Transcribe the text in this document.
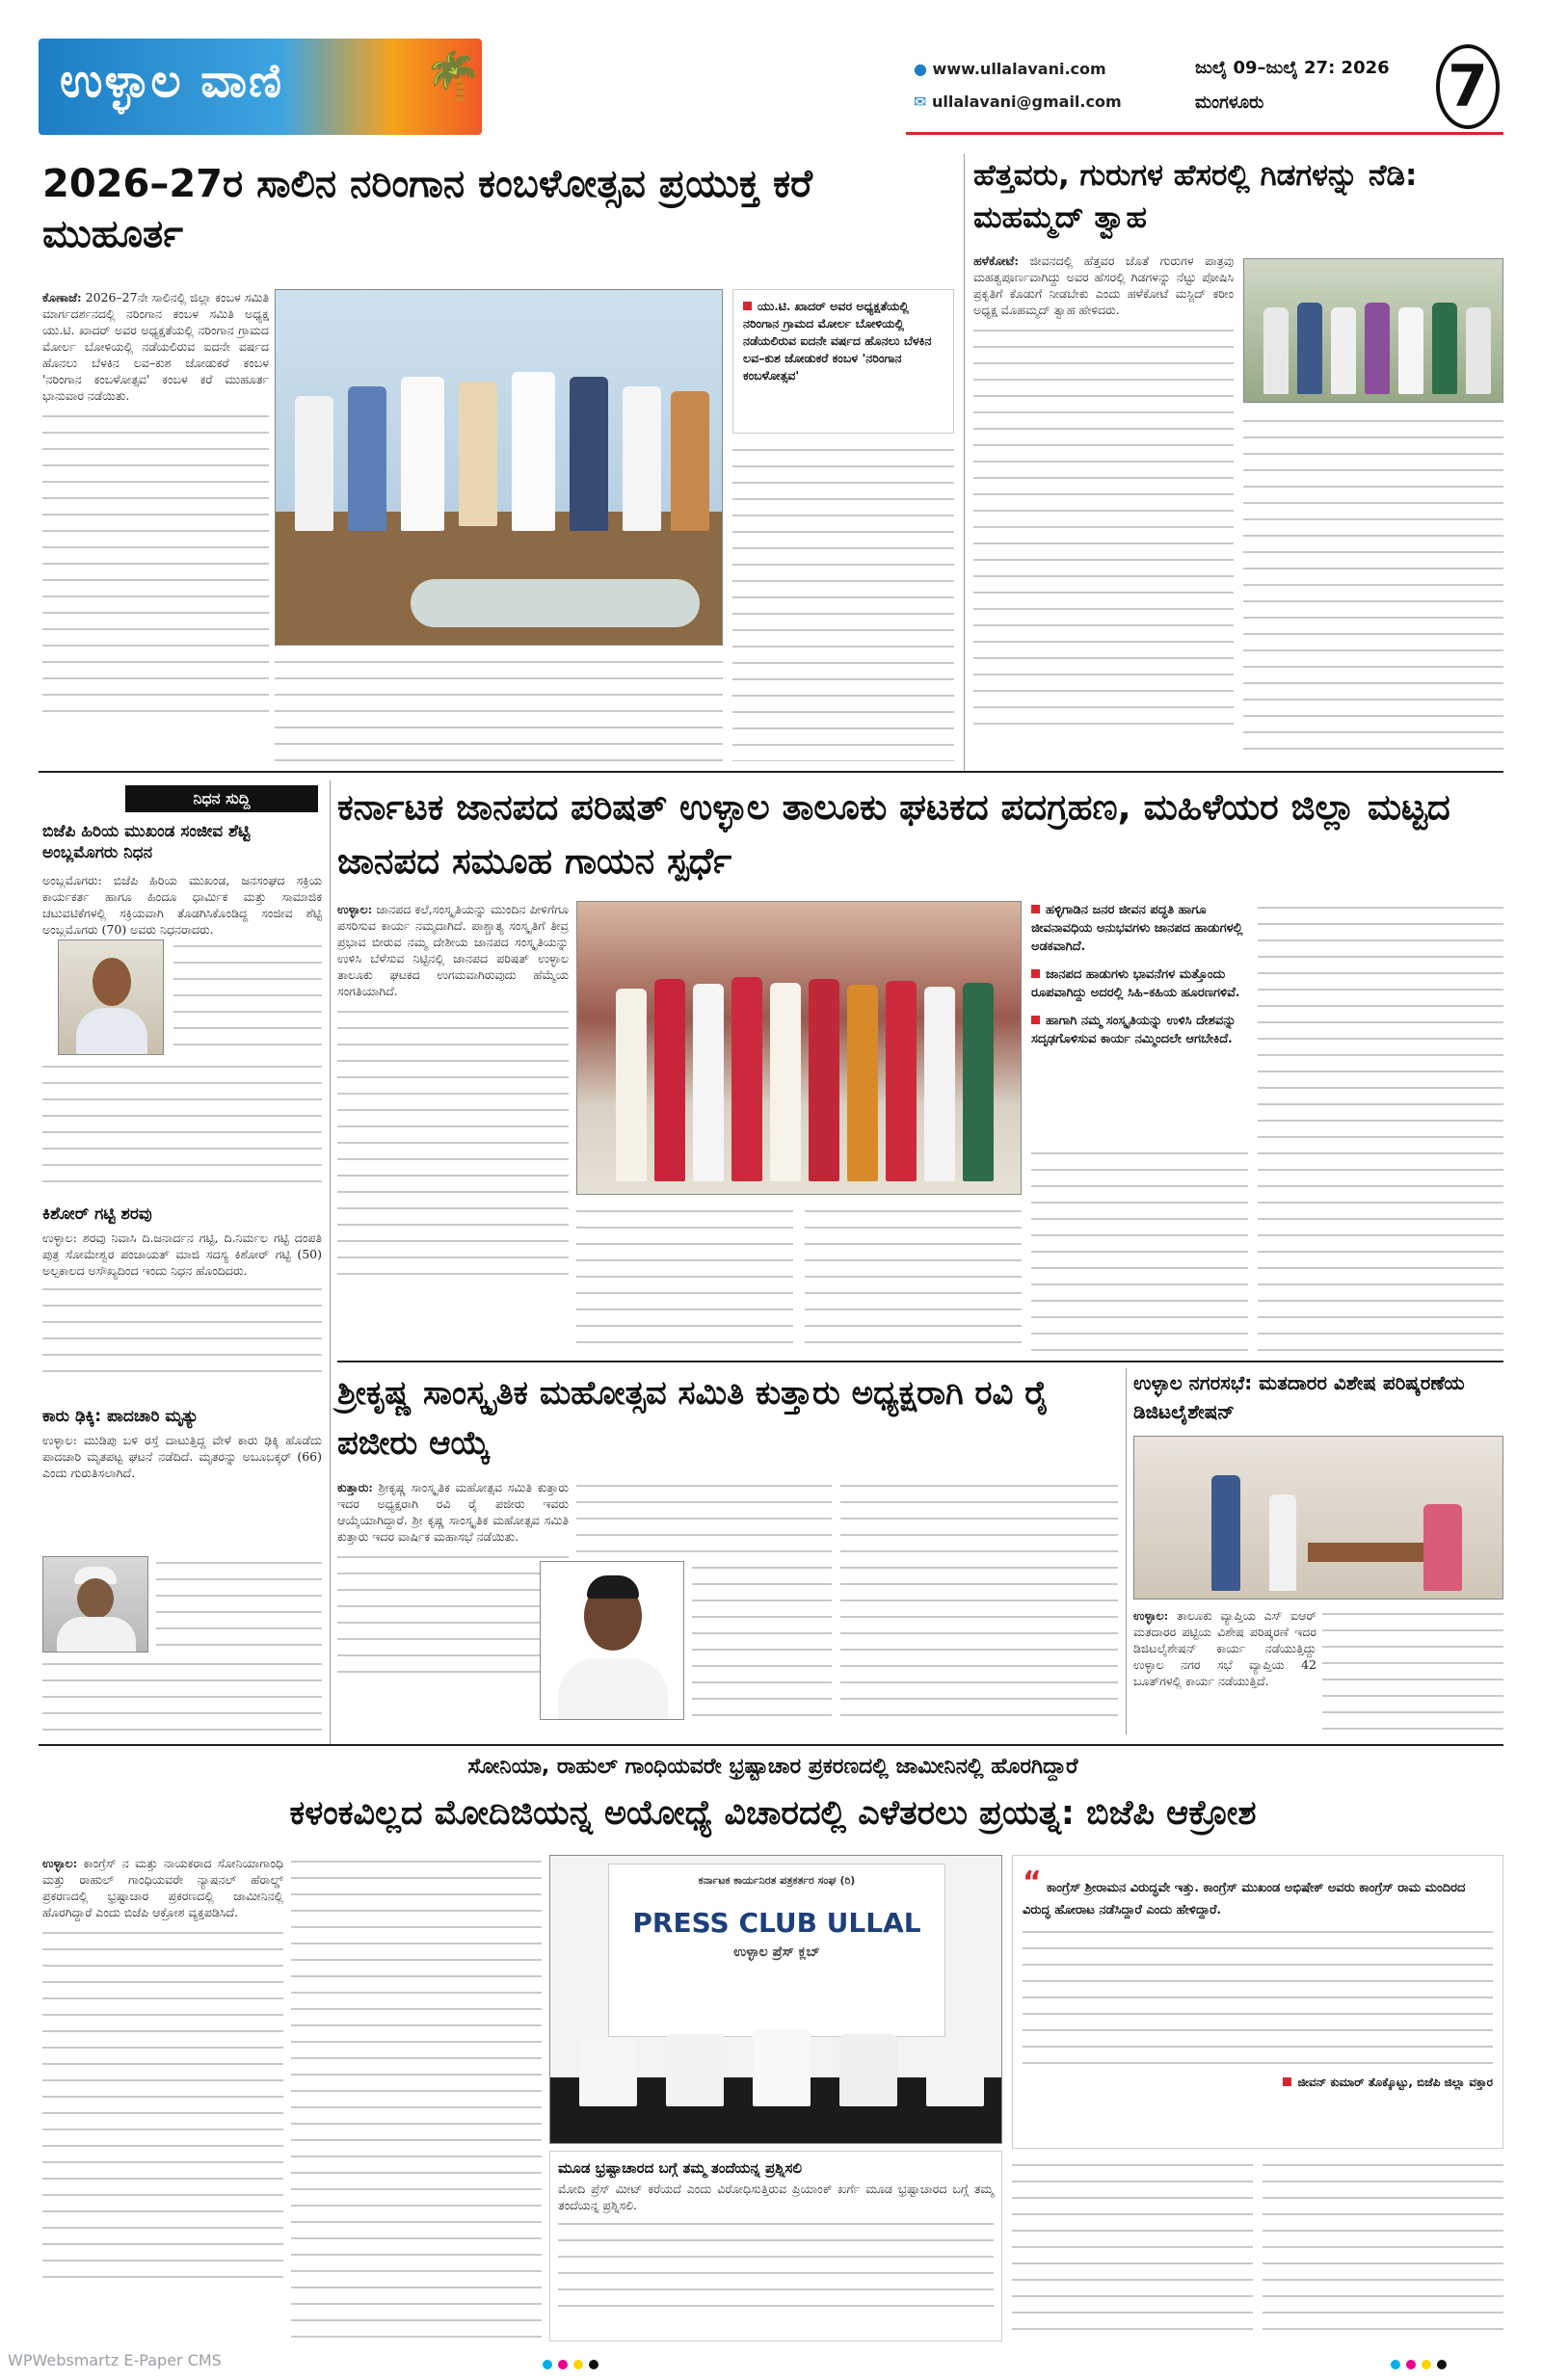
ಉಳ್ಳಾಲ ವಾಣಿ	🌴	● www.ullalavani.com
✉ ullalavani@gmail.com
ಜುಲೈ 09–ಜುಲೈ 27: 2026
ಮಂಗಳೂರು	7
2026–27ರ ಸಾಲಿನ ನರಿಂಗಾನ ಕಂಬಳೋತ್ಸವ ಪ್ರಯುಕ್ತ ಕರೆ ಮುಹೂರ್ತ
ಕೊಣಾಜೆ: 2026–27ನೇ ಸಾಲಿನಲ್ಲಿ ಜಿಲ್ಲಾ ಕಂಬಳ ಸಮಿತಿ ಮಾರ್ಗದರ್ಶನದಲ್ಲಿ ನರಿಂಗಾನ ಕಂಬಳ ಸಮಿತಿ ಅಧ್ಯಕ್ಷ ಯು.ಟಿ. ಖಾದರ್ ಅವರ ಅಧ್ಯಕ್ಷತೆಯಲ್ಲಿ ನರಿಂಗಾನ ಗ್ರಾಮದ ಮೋರ್ಲ ಬೋಳಿಯಲ್ಲಿ ನಡೆಯಲಿರುವ ಐದನೇ ವರ್ಷದ ಹೊನಲು ಬೆಳಕಿನ ಲವ–ಕುಶ ಜೋಡುಕರೆ ಕಂಬಳ 'ನರಿಂಗಾನ ಕಂಬಳೋತ್ಸವ' ಕಂಬಳ ಕರೆ ಮುಹೂರ್ತ ಭಾನುವಾರ ನಡೆಯಿತು.
ಯು.ಟಿ. ಖಾದರ್ ಅವರ ಅಧ್ಯಕ್ಷತೆಯಲ್ಲಿ ನರಿಂಗಾನ ಗ್ರಾಮದ ಮೋರ್ಲ ಬೋಳಿಯಲ್ಲಿ ನಡೆಯಲಿರುವ ಐದನೇ ವರ್ಷದ ಹೊನಲು ಬೆಳಕಿನ ಲವ–ಕುಶ ಜೋಡುಕರೆ ಕಂಬಳ 'ನರಿಂಗಾನ ಕಂಬಳೋತ್ಸವ'
ಹೆತ್ತವರು, ಗುರುಗಳ ಹೆಸರಲ್ಲಿ ಗಿಡಗಳನ್ನು ನೆಡಿ: ಮಹಮ್ಮದ್ ತ್ವಾಹ
ಹಳೆಕೋಟೆ: ಜೀವನದಲ್ಲಿ ಹೆತ್ತವರ ಜೊತೆ ಗುರುಗಳ ಪಾತ್ರವು ಮಹತ್ವಪೂರ್ಣವಾಗಿದ್ದು ಅವರ ಹೆಸರಲ್ಲಿ ಗಿಡಗಳನ್ನು ನೆಟ್ಟು ಪೋಷಿಸಿ ಪ್ರಕೃತಿಗೆ ಕೊಡುಗೆ ನೀಡಬೇಕು ಎಂದು ಹಳೆಕೋಟೆ ಮಸ್ಜಿದ್ ಕರೀಂ ಅಧ್ಯಕ್ಷ ಮೊಹಮ್ಮದ್ ತ್ವಾಹ ಹೇಳಿದರು.
ನಿಧನ ಸುದ್ದಿ
ಬಿಜೆಪಿ ಹಿರಿಯ ಮುಖಂಡ ಸಂಜೀವ ಶೆಟ್ಟಿ ಅಂಬ್ಲಮೊಗರು ನಿಧನ
ಅಂಬ್ಲಮೊಗರು: ಬಿಜೆಪಿ ಹಿರಿಯ ಮುಖಂಡ, ಜನಸಂಘದ ಸಕ್ರಿಯ ಕಾರ್ಯಕರ್ತ ಹಾಗೂ ಹಿಂದೂ ಧಾರ್ಮಿಕ ಮತ್ತು ಸಾಮಾಜಿಕ ಚಟುವಟಿಕೆಗಳಲ್ಲಿ ಸಕ್ರಿಯವಾಗಿ ತೊಡಗಿಸಿಕೊಂಡಿದ್ದ ಸಂಜೀವ ಶೆಟ್ಟಿ ಅಂಬ್ಲಮೊಗರು (70) ಅವರು ನಿಧನರಾದರು.
ಕಿಶೋರ್ ಗಟ್ಟಿ ಶರವು
ಉಳ್ಳಾಲ: ಶರವು ನಿವಾಸಿ ದಿ.ಜನಾರ್ದನ ಗಟ್ಟಿ, ದಿ.ನಿರ್ಮಲ ಗಟ್ಟಿ ದಂಪತಿ ಪುತ್ರ ಸೋಮೇಶ್ವರ ಪಂಚಾಯತ್ ಮಾಜಿ ಸದಸ್ಯ ಕಿಶೋರ್ ಗಟ್ಟಿ (50) ಅಲ್ಪಕಾಲದ ಅಸೌಖ್ಯದಿಂದ ಇಂದು ನಿಧನ ಹೊಂದಿದರು.
ಕಾರು ಢಿಕ್ಕಿ: ಪಾದಚಾರಿ ಮೃತ್ಯು
ಉಳ್ಳಾಲ: ಮುಡಿಪು ಬಳಿ ರಸ್ತೆ ದಾಟುತ್ತಿದ್ದ ವೇಳೆ ಕಾರು ಢಿಕ್ಕಿ ಹೊಡೆದು ಪಾದಚಾರಿ ಮೃತಪಟ್ಟ ಘಟನೆ ನಡೆದಿದೆ. ಮೃತರನ್ನು ಅಬೂಬಕ್ಕರ್ (66) ಎಂದು ಗುರುತಿಸಲಾಗಿದೆ.
ಕರ್ನಾಟಕ ಜಾನಪದ ಪರಿಷತ್ ಉಳ್ಳಾಲ ತಾಲೂಕು ಘಟಕದ ಪದಗ್ರಹಣ, ಮಹಿಳೆಯರ ಜಿಲ್ಲಾ ಮಟ್ಟದ ಜಾನಪದ ಸಮೂಹ ಗಾಯನ ಸ್ಪರ್ಧೆ
ಉಳ್ಳಾಲ: ಜಾನಪದ ಕಲೆ,ಸಂಸ್ಕೃತಿಯನ್ನು ಮುಂದಿನ ಪೀಳಿಗೆಗೂ ಪಸರಿಸುವ ಕಾರ್ಯ ನಮ್ಮದಾಗಿದೆ. ಪಾಶ್ಚಾತ್ಯ ಸಂಸ್ಕೃತಿಗೆ ತೀವ್ರ ಪ್ರಭಾವ ಬೀರುವ ನಮ್ಮ ದೇಶೀಯ ಜಾನಪದ ಸಂಸ್ಕೃತಿಯನ್ನು ಉಳಿಸಿ ಬೆಳೆಸುವ ನಿಟ್ಟಿನಲ್ಲಿ ಜಾನಪದ ಪರಿಷತ್ ಉಳ್ಳಾಲ ತಾಲೂಕು ಘಟಕದ ಉಗಮವಾಗಿರುವುದು ಹೆಮ್ಮೆಯ ಸಂಗತಿಯಾಗಿದೆ.
ಹಳ್ಳಿಗಾಡಿನ ಜನರ ಜೀವನ ಪದ್ಧತಿ ಹಾಗೂ ಜೀವನಾವಧಿಯ ಅನುಭವಗಳು ಜಾನಪದ ಹಾಡುಗಳಲ್ಲಿ ಅಡಕವಾಗಿದೆ.
ಜಾನಪದ ಹಾಡುಗಳು ಭಾವನೆಗಳ ಮತ್ತೊಂದು ರೂಪವಾಗಿದ್ದು ಅದರಲ್ಲಿ ಸಿಹಿ–ಕಹಿಯ ಹೂರಣಗಳಿವೆ.
ಹಾಗಾಗಿ ನಮ್ಮ ಸಂಸ್ಕೃತಿಯನ್ನು ಉಳಿಸಿ ದೇಶವನ್ನು ಸದೃಢಗೊಳಿಸುವ ಕಾರ್ಯ ನಮ್ಮಿಂದಲೇ ಆಗಬೇಕಿದೆ.
ಶ್ರೀಕೃಷ್ಣ ಸಾಂಸ್ಕೃತಿಕ ಮಹೋತ್ಸವ ಸಮಿತಿ ಕುತ್ತಾರು ಅಧ್ಯಕ್ಷರಾಗಿ ರವಿ ರೈ ಪಜೀರು ಆಯ್ಕೆ
ಕುತ್ತಾರು: ಶ್ರೀಕೃಷ್ಣ ಸಾಂಸ್ಕೃತಿಕ ಮಹೋತ್ಸವ ಸಮಿತಿ ಕುತ್ತಾರು ಇದರ ಅಧ್ಯಕ್ಷರಾಗಿ ರವಿ ರೈ ಪಜೀರು ಇವರು ಆಯ್ಕೆಯಾಗಿದ್ದಾರೆ. ಶ್ರೀ ಕೃಷ್ಣ ಸಾಂಸ್ಕೃತಿಕ ಮಹೋತ್ಸವ ಸಮಿತಿ ಕುತ್ತಾರು ಇದರ ವಾರ್ಷಿಕ ಮಹಾಸಭೆ ನಡೆಯಿತು.
ಉಳ್ಳಾಲ ನಗರಸಭೆ: ಮತದಾರರ ವಿಶೇಷ ಪರಿಷ್ಕರಣೆಯ ಡಿಜಿಟಲೈಶೇಷನ್
ಉಳ್ಳಾಲ: ತಾಲೂಕು ವ್ಯಾಪ್ತಿಯ ಎಸ್ ಐಆರ್ ಮತದಾರರ ಪಟ್ಟಿಯ ವಿಶೇಷ ಪರಿಷ್ಕರಣೆ ಇದರ ಡಿಜಿಟಲೈಶೇಷನ್ ಕಾರ್ಯ ನಡೆಯುತ್ತಿದ್ದು ಉಳ್ಳಾಲ ನಗರ ಸಭೆ ವ್ಯಾಪ್ತಿಯ 42 ಬೂತ್‌ಗಳಲ್ಲಿ ಕಾರ್ಯ ನಡೆಯುತ್ತಿದೆ.
ಸೋನಿಯಾ, ರಾಹುಲ್ ಗಾಂಧಿಯವರೇ ಭ್ರಷ್ಟಾಚಾರ ಪ್ರಕರಣದಲ್ಲಿ ಜಾಮೀನಿನಲ್ಲಿ ಹೊರಗಿದ್ದಾರೆ
ಕಳಂಕವಿಲ್ಲದ ಮೋದಿಜಿಯನ್ನ ಅಯೋಧ್ಯೆ ವಿಚಾರದಲ್ಲಿ ಎಳೆತರಲು ಪ್ರಯತ್ನ: ಬಿಜೆಪಿ ಆಕ್ರೋಶ
ಉಳ್ಳಾಲ: ಕಾಂಗ್ರೆಸ್ ನ ಮತ್ತು ನಾಯಕರಾದ ಸೋನಿಯಾಗಾಂಧಿ ಮತ್ತು ರಾಹುಲ್ ಗಾಂಧಿಯವರೇ ನ್ಯಾಷನಲ್ ಹೆರಾಲ್ಡ್ ಪ್ರಕರಣದಲ್ಲಿ ಭ್ರಷ್ಟಾಚಾರ ಪ್ರಕರಣದಲ್ಲಿ ಜಾಮೀನಿನಲ್ಲಿ ಹೊರಗಿದ್ದಾರೆ ಎಂದು ಬಿಜೆಪಿ ಆಕ್ರೋಶ ವ್ಯಕ್ತಪಡಿಸಿದೆ.
ಕರ್ನಾಟಕ ಕಾರ್ಯನಿರತ ಪತ್ರಕರ್ತರ ಸಂಘ (ರಿ)
PRESS CLUB ULLAL
ಉಳ್ಳಾಲ ಪ್ರೆಸ್ ಕ್ಲಬ್
ಮೂಡ ಭ್ರಷ್ಟಾಚಾರದ ಬಗ್ಗೆ ತಮ್ಮ ತಂದೆಯನ್ನ ಪ್ರಶ್ನಿಸಲಿ
ಮೋದಿ ಪ್ರೆಸ್ ಮೀಟ್ ಕರೆಯದೆ ಎಂದು ವಿರೋಧಿಸುತ್ತಿರುವ ಪ್ರಿಯಾಂಕ್ ಖರ್ಗೆ ಮೂಡ ಭ್ರಷ್ಟಾಚಾರದ ಬಗ್ಗೆ ತಮ್ಮ ತಂದೆಯನ್ನ ಪ್ರಶ್ನಿಸಲಿ.
“ ಕಾಂಗ್ರೆಸ್ ಶ್ರೀರಾಮನ ವಿರುದ್ಧವೇ ಇತ್ತು. ಕಾಂಗ್ರೆಸ್ ಮುಖಂಡ ಅಭಿಷೇಕ್ ಅವರು ಕಾಂಗ್ರೆಸ್ ರಾಮ ಮಂದಿರದ ವಿರುದ್ಧ ಹೋರಾಟ ನಡೆಸಿದ್ದಾರೆ ಎಂದು ಹೇಳಿದ್ದಾರೆ.
ಜೀವನ್ ಕುಮಾರ್ ತೊಕ್ಕೊಟ್ಟು, ಬಿಜೆಪಿ ಜಿಲ್ಲಾ ವಕ್ತಾರ
WPWebsmartz E-Paper CMS
